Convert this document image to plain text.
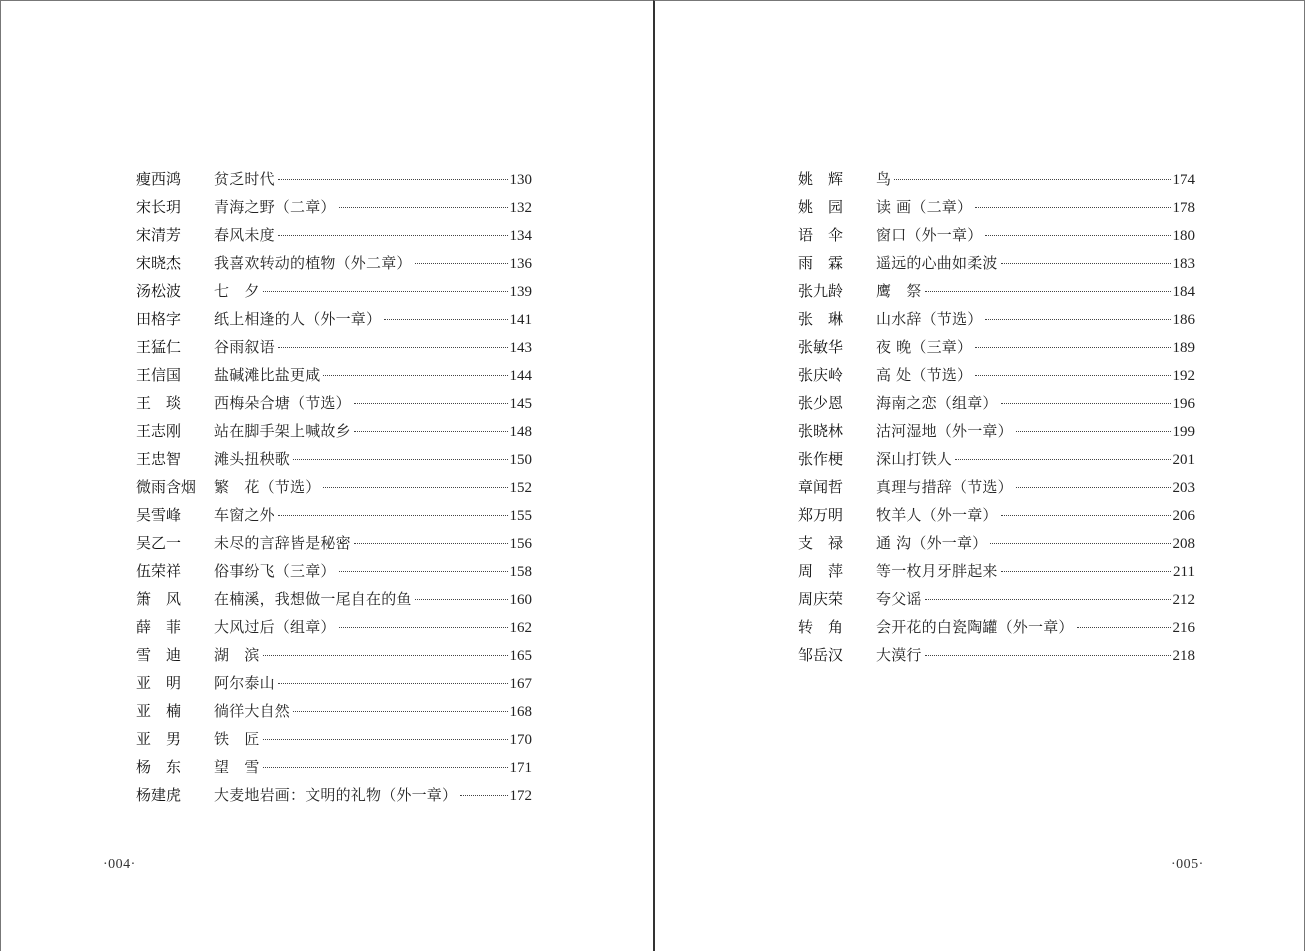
瘦西鸿	贫乏时代	130
宋长玥	青海之野（二章）	132
宋清芳	春风未度	134
宋晓杰	我喜欢转动的植物（外二章）	136
汤松波	七　夕	139
田格字	纸上相逢的人（外一章）	141
王猛仁	谷雨叙语	143
王信国	盐碱滩比盐更咸	144
王　琰	西梅朵合塘（节选）	145
王志刚	站在脚手架上喊故乡	148
王忠智	滩头扭秧歌	150
微雨含烟	繁　花（节选）	152
吴雪峰	车窗之外	155
吴乙一	未尽的言辞皆是秘密	156
伍荣祥	俗事纷飞（三章）	158
箫　风	在楠溪，我想做一尾自在的鱼	160
薛　菲	大风过后（组章）	162
雪　迪	湖　滨	165
亚　明	阿尔泰山	167
亚　楠	徜徉大自然	168
亚　男	铁　匠	170
杨　东	望　雪	171
杨建虎	大麦地岩画：文明的礼物（外一章）	172
·004·
姚　辉	鸟	174
姚　园	读 画（二章）	178
语　伞	窗口（外一章）	180
雨　霖	遥远的心曲如柔波	183
张九龄	鹰　祭	184
张　琳	山水辞（节选）	186
张敏华	夜 晚（三章）	189
张庆岭	高 处（节选）	192
张少恩	海南之恋（组章）	196
张晓林	沽河湿地（外一章）	199
张作梗	深山打铁人	201
章闻哲	真理与措辞（节选）	203
郑万明	牧羊人（外一章）	206
支　禄	通 沟（外一章）	208
周　萍	等一枚月牙胖起来	211
周庆荣	夸父谣	212
转　角	会开花的白瓷陶罐（外一章）	216
邹岳汉	大漠行	218
·005·
